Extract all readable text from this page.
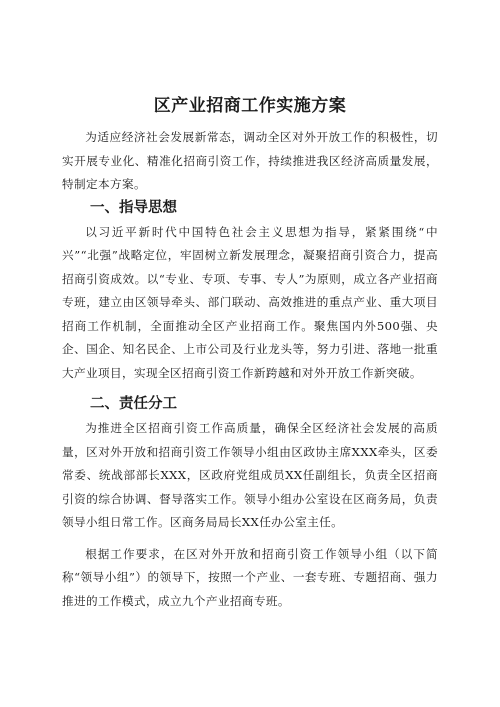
区产业招商工作实施方案

为适应经济社会发展新常态，调动全区对外开放工作的积极性，切实开展专业化、精准化招商引资工作，持续推进我区经济高质量发展，特制定本方案。

一、指导思想

以习近平新时代中国特色社会主义思想为指导，紧紧围绕“中兴”“北强”战略定位，牢固树立新发展理念，凝聚招商引资合力，提高招商引资成效。以“专业、专项、专事、专人”为原则，成立各产业招商专班，建立由区领导牵头、部门联动、高效推进的重点产业、重大项目招商工作机制，全面推动全区产业招商工作。聚焦国内外500强、央企、国企、知名民企、上市公司及行业龙头等，努力引进、落地一批重大产业项目，实现全区招商引资工作新跨越和对外开放工作新突破。

二、责任分工

为推进全区招商引资工作高质量，确保全区经济社会发展的高质量，区对外开放和招商引资工作领导小组由区政协主席XXX牵头，区委常委、统战部部长XXX，区政府党组成员XX任副组长，负责全区招商引资的综合协调、督导落实工作。领导小组办公室设在区商务局，负责领导小组日常工作。区商务局局长XX任办公室主任。

根据工作要求，在区对外开放和招商引资工作领导小组（以下简称“领导小组”）的领导下，按照一个产业、一套专班、专题招商、强力推进的工作模式，成立九个产业招商专班。
